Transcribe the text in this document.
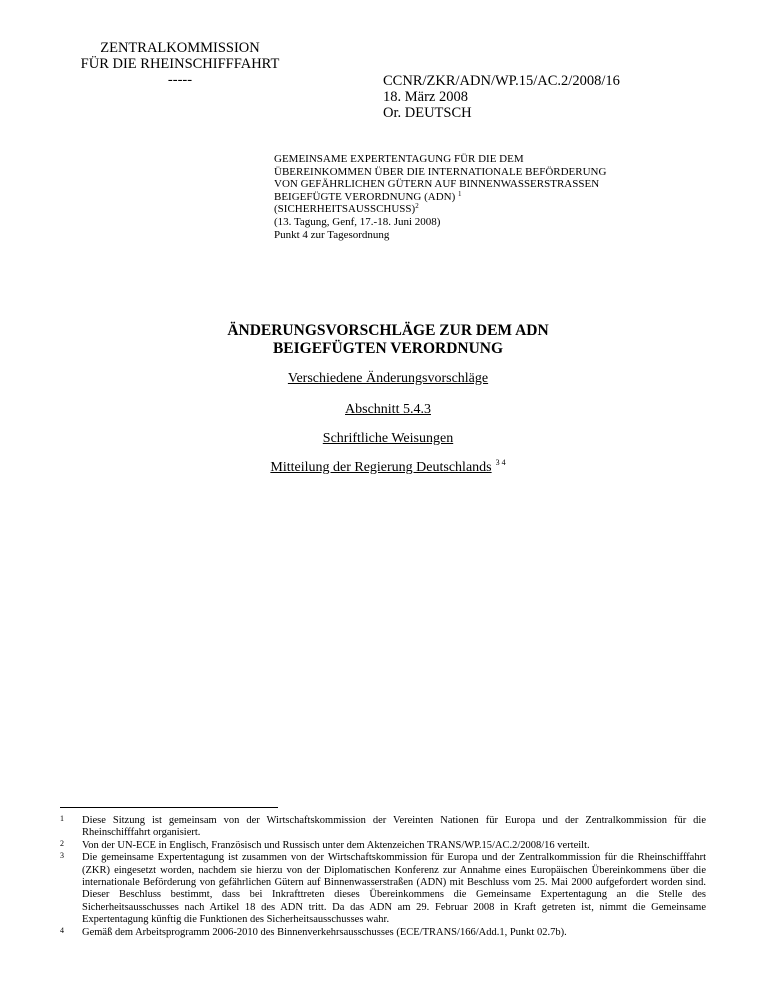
ZENTRALKOMMISSION
FÜR DIE RHEINSCHIFFFAHRT
-----	CCNR/ZKR/ADN/WP.15/AC.2/2008/16
18. März 2008
Or. DEUTSCH
GEMEINSAME EXPERTENTAGUNG FÜR DIE DEM
ÜBEREINKOMMEN ÜBER DIE INTERNATIONALE BEFÖRDERUNG
VON GEFÄHRLICHEN GÜTERN AUF BINNENWASSERSTRASSEN
BEIGEFÜGTE VERORDNUNG (ADN) $^1$
(SICHERHEITSAUSSCHUSS)$^2$
(13. Tagung, Genf, 17.-18. Juni 2008)
Punkt 4 zur Tagesordnung
ÄNDERUNGSVORSCHLÄGE ZUR DEM ADN
BEIGEFÜGTEN VERORDNUNG
Verschiedene Änderungsvorschläge
Abschnitt 5.4.3
Schriftliche Weisungen
Mitteilung der Regierung Deutschlands $^{3 4}$
1 Diese Sitzung ist gemeinsam von der Wirtschaftskommission der Vereinten Nationen für Europa und der Zentralkommission für die Rheinschifffahrt organisiert.
2 Von der UN-ECE in Englisch, Französisch und Russisch unter dem Aktenzeichen TRANS/WP.15/AC.2/2008/16 verteilt.
3 Die gemeinsame Expertentagung ist zusammen von der Wirtschaftskommission für Europa und der Zentralkommission für die Rheinschifffahrt (ZKR) eingesetzt worden, nachdem sie hierzu von der Diplomatischen Konferenz zur Annahme eines Europäischen Übereinkommens über die internationale Beförderung von gefährlichen Gütern auf Binnenwasserstraßen (ADN) mit Beschluss vom 25. Mai 2000 aufgefordert worden sind. Dieser Beschluss bestimmt, dass bei Inkrafttreten dieses Übereinkommens die Gemeinsame Expertentagung an die Stelle des Sicherheitsausschusses nach Artikel 18 des ADN tritt. Da das ADN am 29. Februar 2008 in Kraft getreten ist, nimmt die Gemeinsame Expertentagung künftig die Funktionen des Sicherheitsausschusses wahr.
4 Gemäß dem Arbeitsprogramm 2006-2010 des Binnenverkehrsausschusses (ECE/TRANS/166/Add.1, Punkt 02.7b).
